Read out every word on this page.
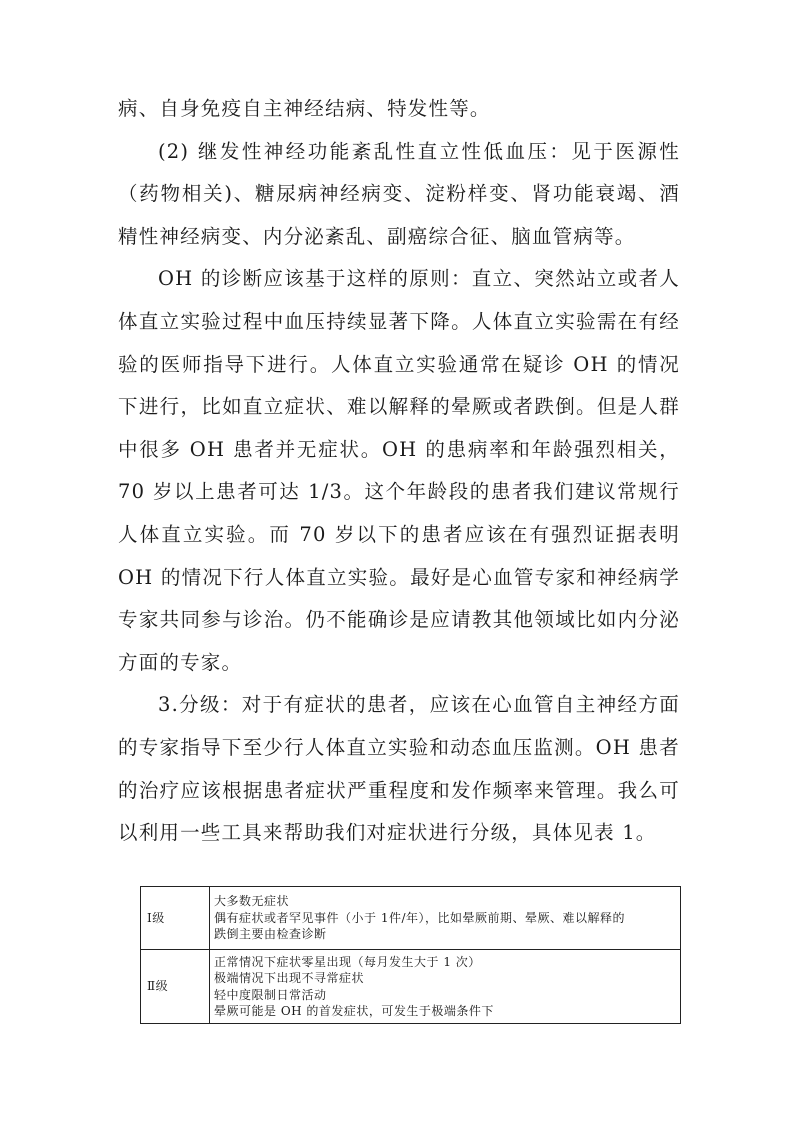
病、自身免疫自主神经结病、特发性等。

(2) 继发性神经功能紊乱性直立性低血压：见于医源性（药物相关)、糖尿病神经病变、淀粉样变、肾功能衰竭、酒精性神经病变、内分泌紊乱、副癌综合征、脑血管病等。

OH 的诊断应该基于这样的原则：直立、突然站立或者人体直立实验过程中血压持续显著下降。人体直立实验需在有经验的医师指导下进行。人体直立实验通常在疑诊 OH 的情况下进行，比如直立症状、难以解释的晕厥或者跌倒。但是人群中很多 OH 患者并无症状。OH 的患病率和年龄强烈相关，70 岁以上患者可达 1/3。这个年龄段的患者我们建议常规行人体直立实验。而 70 岁以下的患者应该在有强烈证据表明 OH 的情况下行人体直立实验。最好是心血管专家和神经病学专家共同参与诊治。仍不能确诊是应请教其他领域比如内分泌方面的专家。

3.分级：对于有症状的患者，应该在心血管自主神经方面的专家指导下至少行人体直立实验和动态血压监测。OH 患者的治疗应该根据患者症状严重程度和发作频率来管理。我么可以利用一些工具来帮助我们对症状进行分级，具体见表 1。

I级	大多数无症状
偶有症状或者罕见事件（小于 1件/年），比如晕厥前期、晕厥、难以解释的
跌倒主要由检查诊断

Ⅱ级	正常情况下症状零星出现（每月发生大于 1 次）
极端情况下出现不寻常症状
轻中度限制日常活动
晕厥可能是 OH 的首发症状，可发生于极端条件下
